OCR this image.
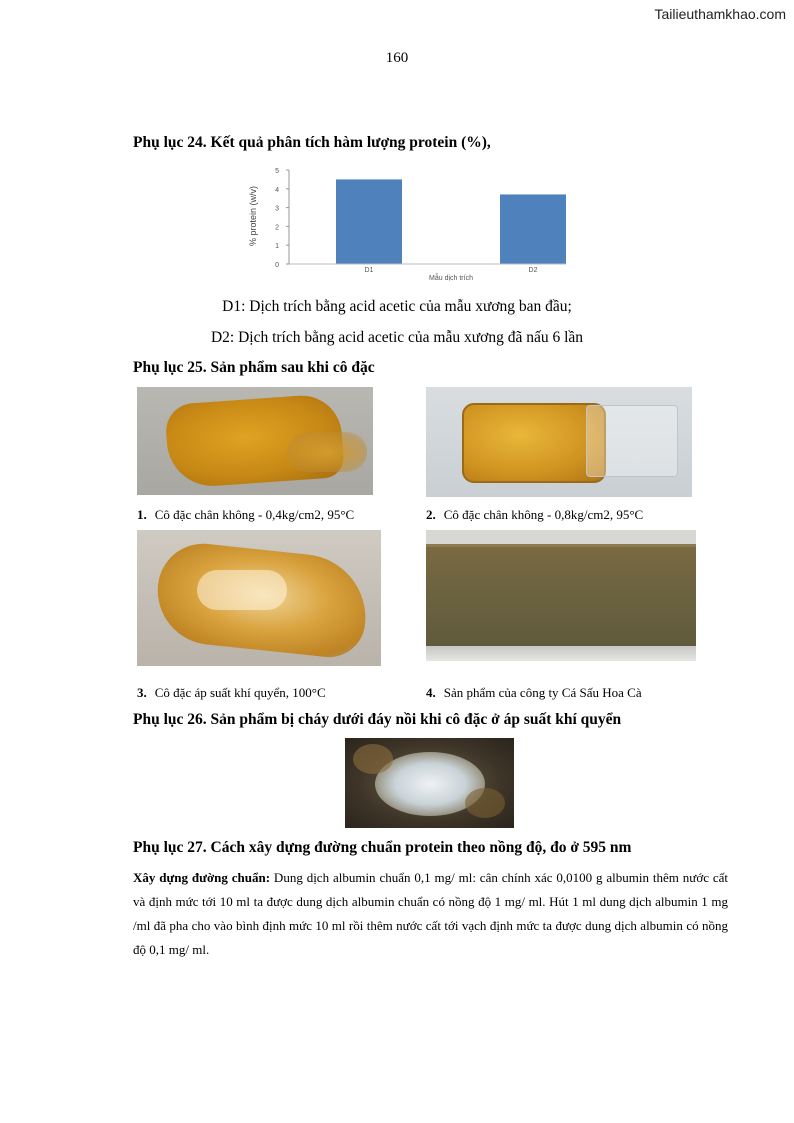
Tailieuthamkhao.com
160
Phụ lục 24. Kết quả phân tích hàm lượng protein (%),
0
1
2
3
4
5
D1	D2
% protein (w/v)
Mẫu dịch trích
D1: Dịch trích bằng acid acetic của mẫu xương ban đầu;
D2: Dịch trích bằng acid acetic của mẫu xương đã nấu 6 lần
Phụ lục 25. Sản phẩm sau khi cô đặc
1. Cô đặc chân không - 0,4kg/cm2, 95°C	2. Cô đặc chân không - 0,8kg/cm2, 95°C
3. Cô đặc áp suất khí quyển, 100°C	4. Sản phẩm của công ty Cá Sấu Hoa Cà
Phụ lục 26. Sản phẩm bị cháy dưới đáy nồi khi cô đặc ở áp suất khí quyển
Phụ lục 27. Cách xây dựng đường chuẩn protein theo nồng độ, đo ở 595 nm
Xây dựng đường chuẩn: Dung dịch albumin chuẩn 0,1 mg/ ml: cân chính xác 0,0100 g albumin thêm nước cất và định mức tới 10 ml ta được dung dịch albumin chuẩn có nồng độ 1 mg/ ml. Hút 1 ml dung dịch albumin 1 mg /ml đã pha cho vào bình định mức 10 ml rồi thêm nước cất tới vạch định mức ta được dung dịch albumin có nồng độ 0,1 mg/ ml.
